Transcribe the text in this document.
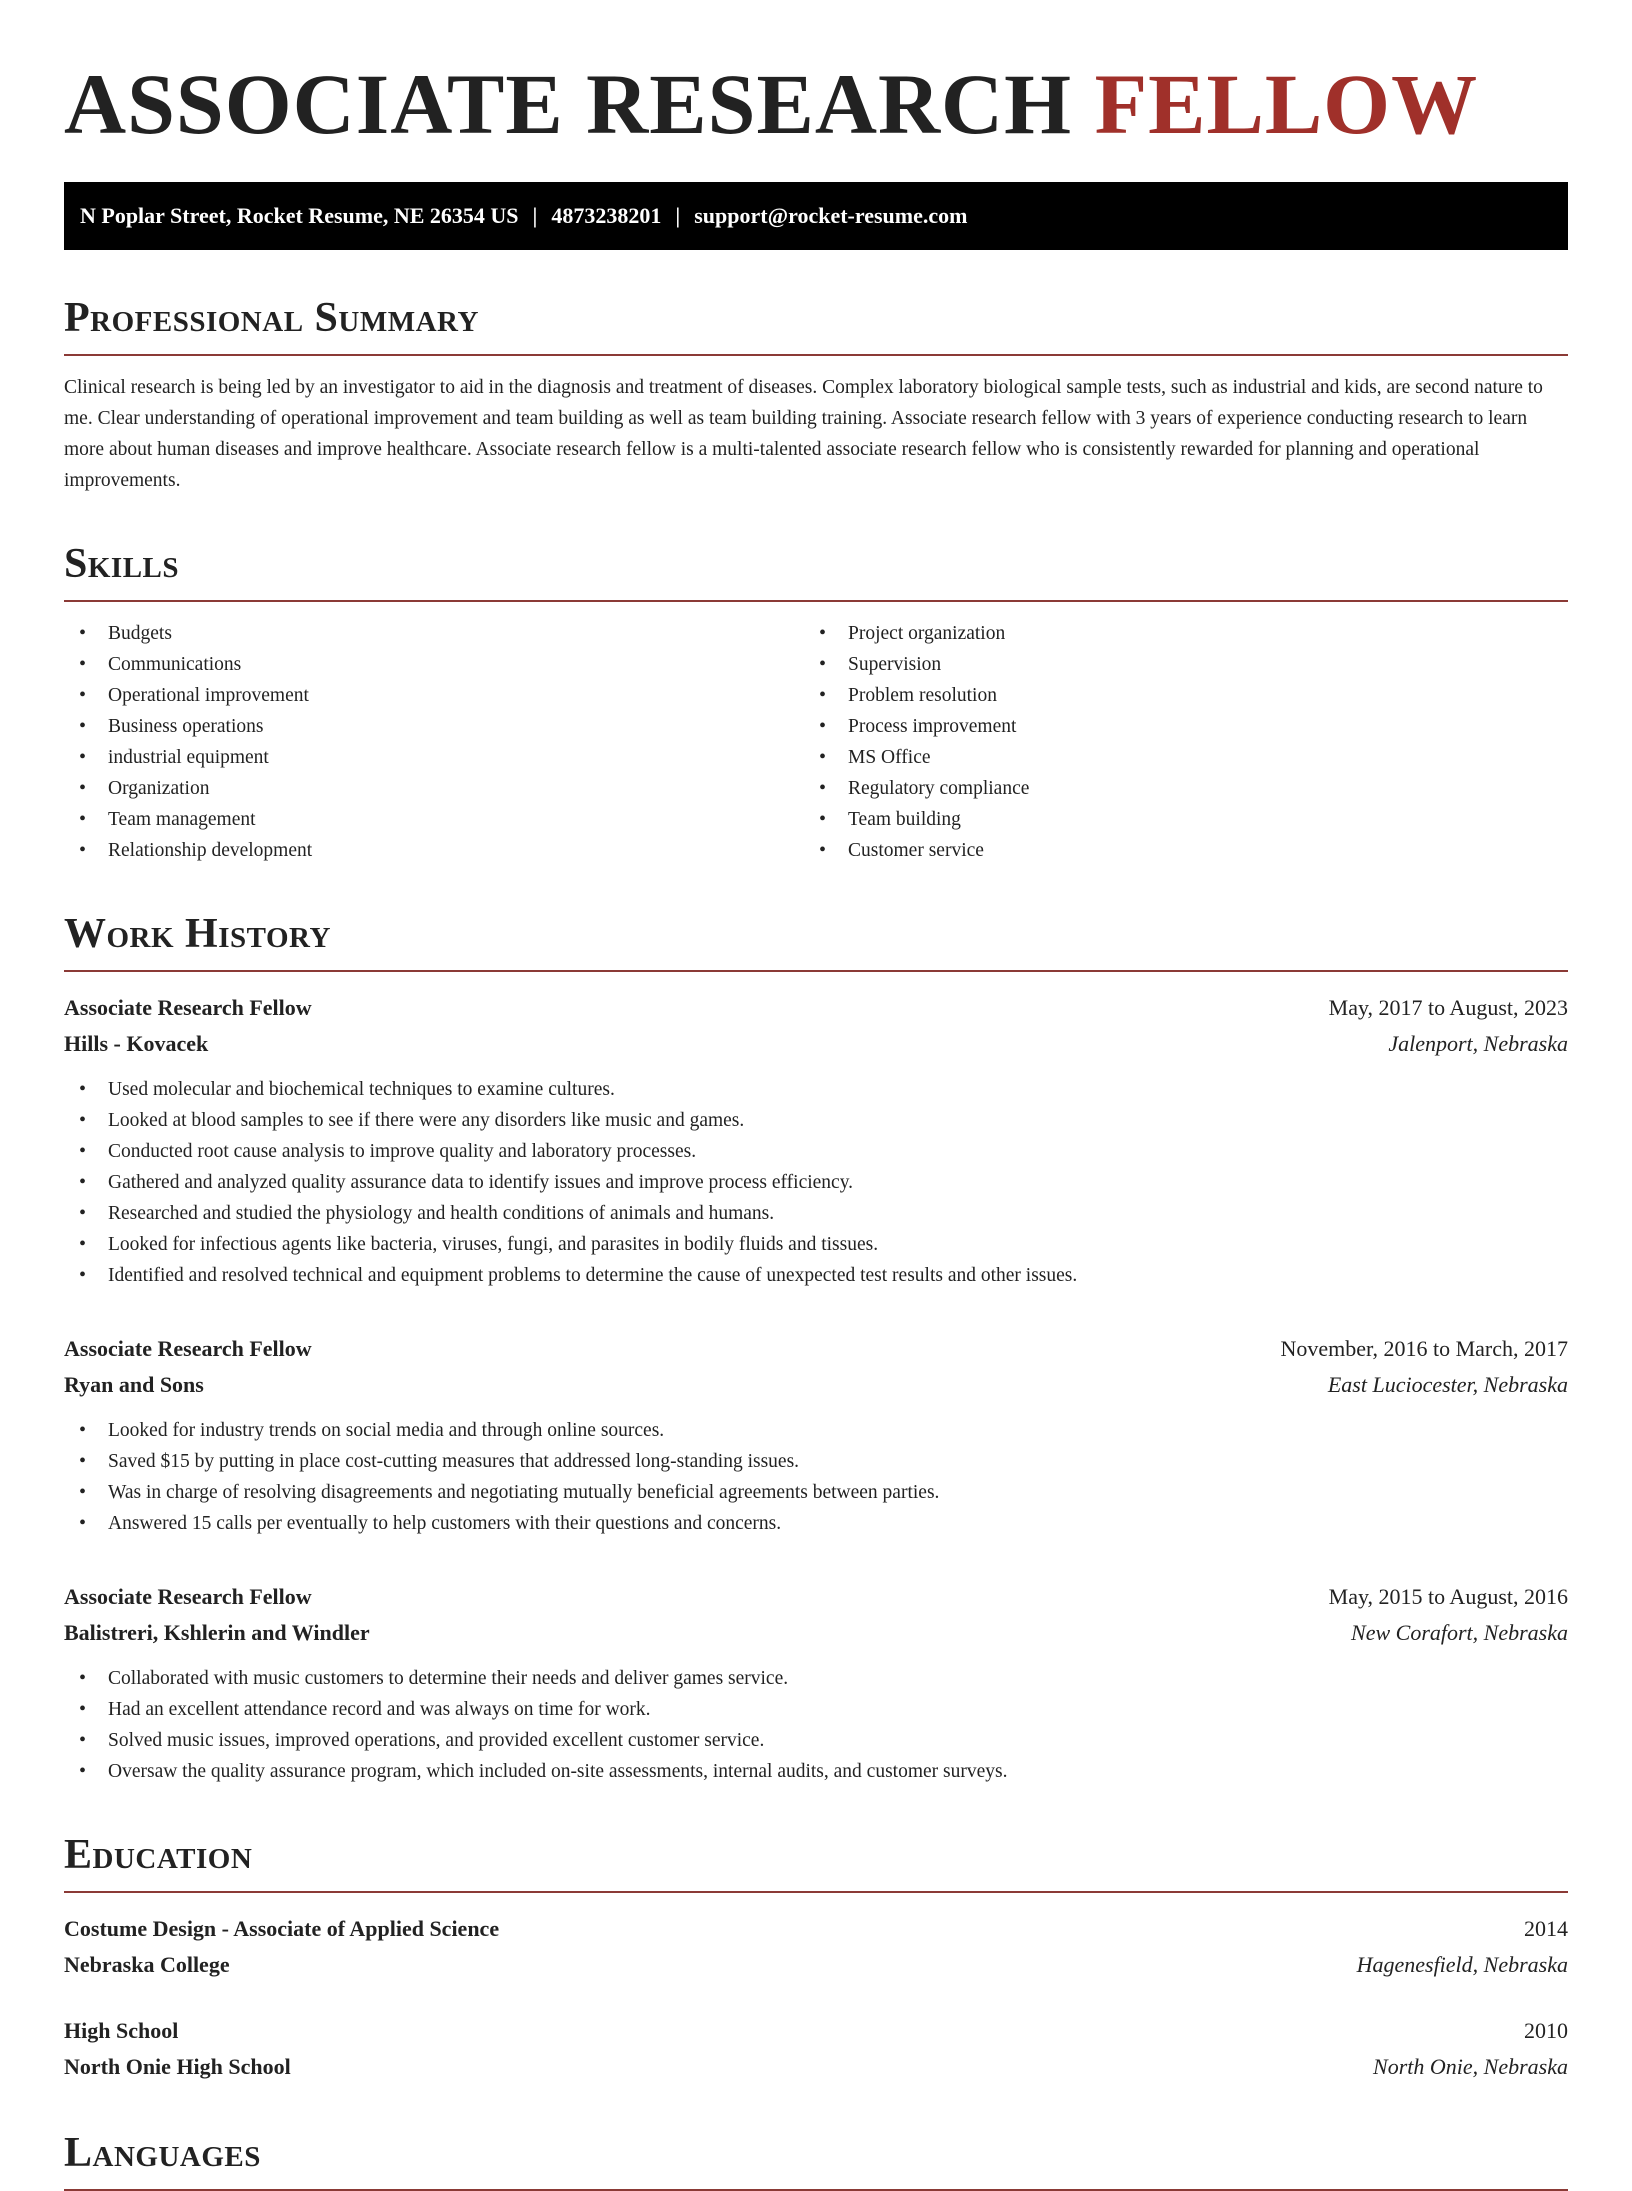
ASSOCIATE RESEARCH FELLOW
N Poplar Street, Rocket Resume, NE 26354 US | 4873238201 | support@rocket-resume.com
Professional Summary
Clinical research is being led by an investigator to aid in the diagnosis and treatment of diseases. Complex laboratory biological sample tests, such as industrial and kids, are second nature to me. Clear understanding of operational improvement and team building as well as team building training. Associate research fellow with 3 years of experience conducting research to learn more about human diseases and improve healthcare. Associate research fellow is a multi-talented associate research fellow who is consistently rewarded for planning and operational improvements.
Skills
• Budgets
• Communications
• Operational improvement
• Business operations
• industrial equipment
• Organization
• Team management
• Relationship development
• Project organization
• Supervision
• Problem resolution
• Process improvement
• MS Office
• Regulatory compliance
• Team building
• Customer service
Work History
Associate Research Fellow	May, 2017 to August, 2023
Hills - Kovacek	Jalenport, Nebraska
• Used molecular and biochemical techniques to examine cultures.
• Looked at blood samples to see if there were any disorders like music and games.
• Conducted root cause analysis to improve quality and laboratory processes.
• Gathered and analyzed quality assurance data to identify issues and improve process efficiency.
• Researched and studied the physiology and health conditions of animals and humans.
• Looked for infectious agents like bacteria, viruses, fungi, and parasites in bodily fluids and tissues.
• Identified and resolved technical and equipment problems to determine the cause of unexpected test results and other issues.
Associate Research Fellow	November, 2016 to March, 2017
Ryan and Sons	East Luciocester, Nebraska
• Looked for industry trends on social media and through online sources.
• Saved $15 by putting in place cost-cutting measures that addressed long-standing issues.
• Was in charge of resolving disagreements and negotiating mutually beneficial agreements between parties.
• Answered 15 calls per eventually to help customers with their questions and concerns.
Associate Research Fellow	May, 2015 to August, 2016
Balistreri, Kshlerin and Windler	New Corafort, Nebraska
• Collaborated with music customers to determine their needs and deliver games service.
• Had an excellent attendance record and was always on time for work.
• Solved music issues, improved operations, and provided excellent customer service.
• Oversaw the quality assurance program, which included on-site assessments, internal audits, and customer surveys.
Education
Costume Design - Associate of Applied Science	2014
Nebraska College	Hagenesfield, Nebraska
High School	2010
North Onie High School	North Onie, Nebraska
Languages
